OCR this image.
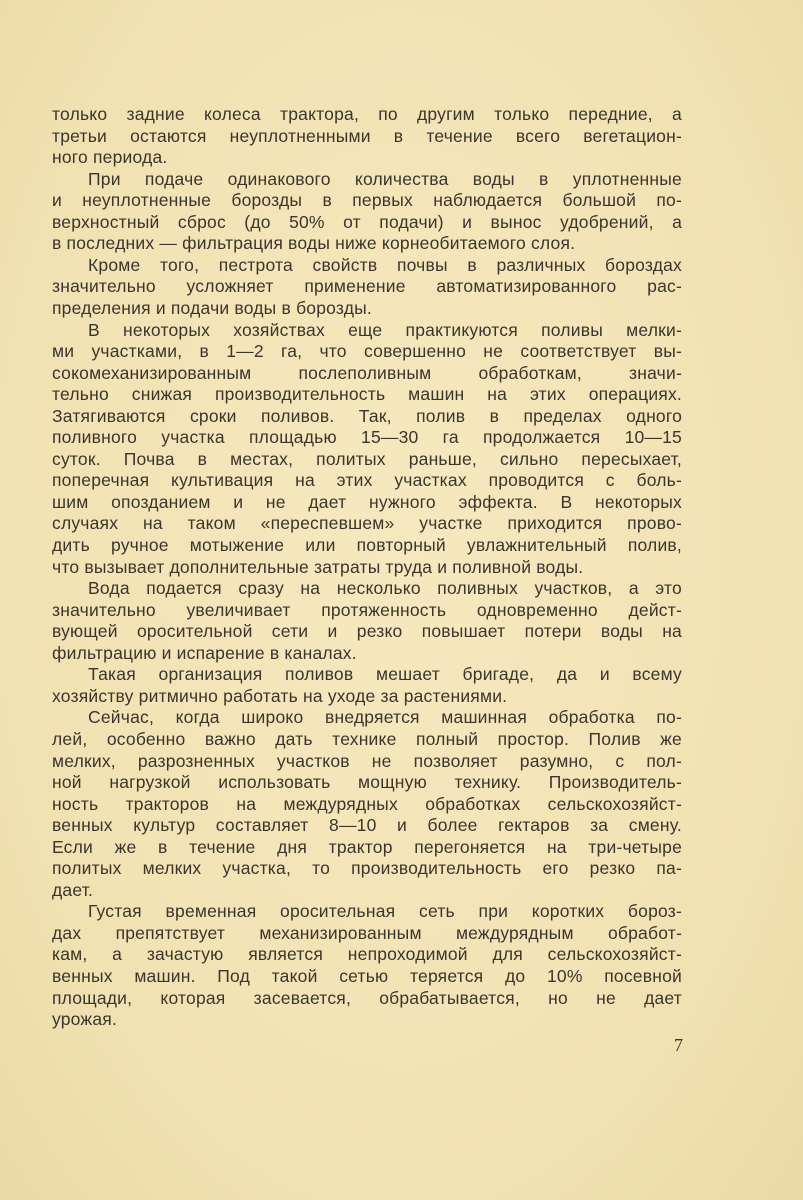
7
только задние колеса трактора, по другим только передние, а
третьи остаются неуплотненными в течение всего вегетацион-
ного периода.
При подаче одинакового количества воды в уплотненные
и неуплотненные борозды в первых наблюдается большой по-
верхностный сброс (до 50% от подачи) и вынос удобрений, а
в последних — фильтрация воды ниже корнеобитаемого слоя.
Кроме того, пестрота свойств почвы в различных бороздах
значительно усложняет применение автоматизированного рас-
пределения и подачи воды в борозды.
В некоторых хозяйствах еще практикуются поливы мелки-
ми участками, в 1—2 га, что совершенно не соответствует вы-
сокомеханизированным послеполивным обработкам, значи-
тельно снижая производительность машин на этих операциях.
Затягиваются сроки поливов. Так, полив в пределах одного
поливного участка площадью 15—30 га продолжается 10—15
суток. Почва в местах, политых раньше, сильно пересыхает,
поперечная культивация на этих участках проводится с боль-
шим опозданием и не дает нужного эффекта. В некоторых
случаях на таком «переспевшем» участке приходится прово-
дить ручное мотыжение или повторный увлажнительный полив,
что вызывает дополнительные затраты труда и поливной воды.
Вода подается сразу на несколько поливных участков, а это
значительно увеличивает протяженность одновременно дейст-
вующей оросительной сети и резко повышает потери воды на
фильтрацию и испарение в каналах.
Такая организация поливов мешает бригаде, да и всему
хозяйству ритмично работать на уходе за растениями.
Сейчас, когда широко внедряется машинная обработка по-
лей, особенно важно дать технике полный простор. Полив же
мелких, разрозненных участков не позволяет разумно, с пол-
ной нагрузкой использовать мощную технику. Производитель-
ность тракторов на междурядных обработках сельскохозяйст-
венных культур составляет 8—10 и более гектаров за смену.
Если же в течение дня трактор перегоняется на три-четыре
политых мелких участка, то производительность его резко па-
дает.
Густая временная оросительная сеть при коротких бороз-
дах препятствует механизированным междурядным обработ-
кам, а зачастую является непроходимой для сельскохозяйст-
венных машин. Под такой сетью теряется до 10% посевной
площади, которая засевается, обрабатывается, но не дает
урожая.
